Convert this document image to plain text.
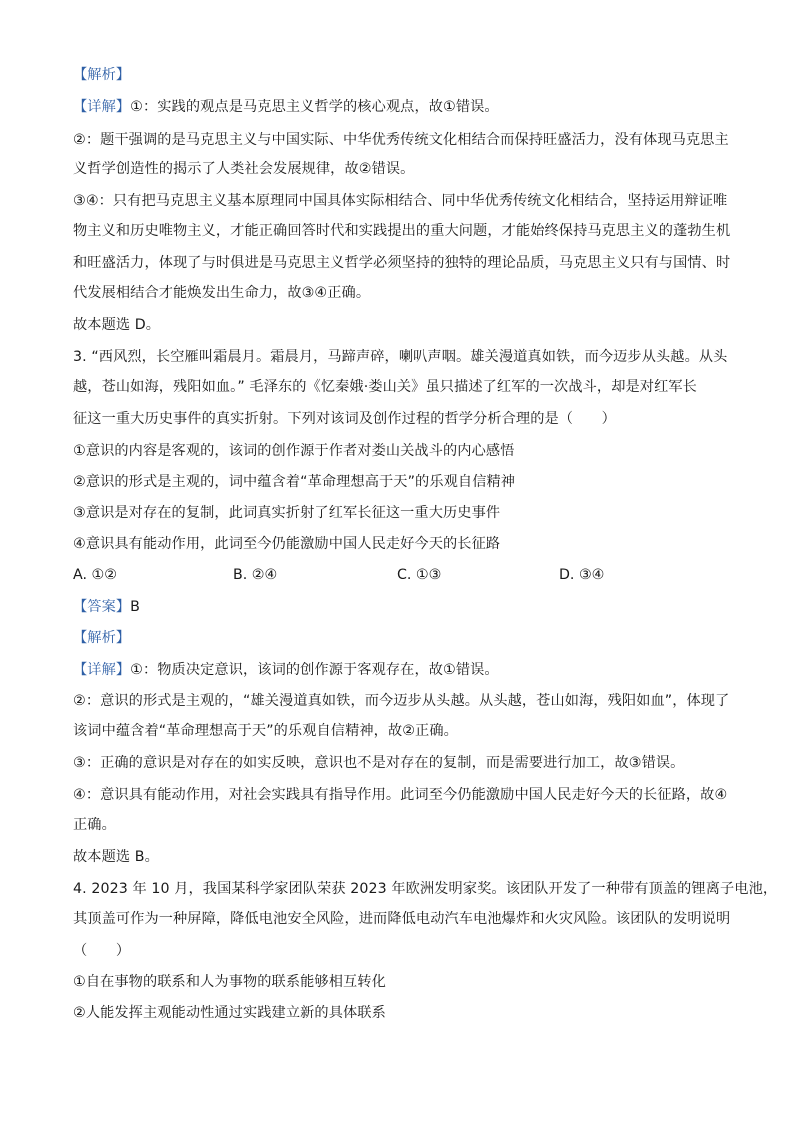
【解析】
【详解】①：实践的观点是马克思主义哲学的核心观点，故①错误。
②：题干强调的是马克思主义与中国实际、中华优秀传统文化相结合而保持旺盛活力，没有体现马克思主
义哲学创造性的揭示了人类社会发展规律，故②错误。
③④：只有把马克思主义基本原理同中国具体实际相结合、同中华优秀传统文化相结合，坚持运用辩证唯
物主义和历史唯物主义，才能正确回答时代和实践提出的重大问题，才能始终保持马克思主义的蓬勃生机
和旺盛活力，体现了与时俱进是马克思主义哲学必须坚持的独特的理论品质，马克思主义只有与国情、时
代发展相结合才能焕发出生命力，故③④正确。
故本题选 D。
3. “西风烈，长空雁叫霜晨月。霜晨月，马蹄声碎，喇叭声咽。雄关漫道真如铁，而今迈步从头越。从头
越，苍山如海，残阳如血。” 毛泽东的《忆秦娥·娄山关》虽只描述了红军的一次战斗，却是对红军长
征这一重大历史事件的真实折射。下列对该词及创作过程的哲学分析合理的是（　　）
①意识的内容是客观的，该词的创作源于作者对娄山关战斗的内心感悟
②意识的形式是主观的，词中蕴含着“革命理想高于天”的乐观自信精神
③意识是对存在的复制，此词真实折射了红军长征这一重大历史事件
④意识具有能动作用，此词至今仍能激励中国人民走好今天的长征路
A. ①②	B. ②④	C. ①③	D. ③④
【答案】B
【解析】
【详解】①：物质决定意识，该词的创作源于客观存在，故①错误。
②：意识的形式是主观的，“雄关漫道真如铁，而今迈步从头越。从头越，苍山如海，残阳如血”，体现了
该词中蕴含着“革命理想高于天”的乐观自信精神，故②正确。
③：正确的意识是对存在的如实反映，意识也不是对存在的复制，而是需要进行加工，故③错误。
④：意识具有能动作用，对社会实践具有指导作用。此词至今仍能激励中国人民走好今天的长征路，故④
正确。
故本题选 B。
4. 2023 年 10 月，我国某科学家团队荣获 2023 年欧洲发明家奖。该团队开发了一种带有顶盖的锂离子电池，
其顶盖可作为一种屏障，降低电池安全风险，进而降低电动汽车电池爆炸和火灾风险。该团队的发明说明
（　　）
①自在事物的联系和人为事物的联系能够相互转化
②人能发挥主观能动性通过实践建立新的具体联系
